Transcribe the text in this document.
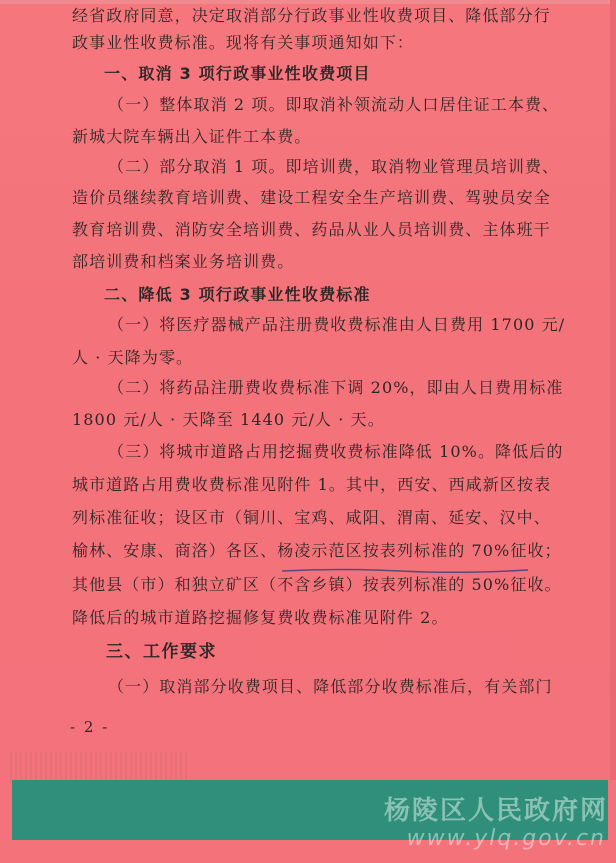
经省政府同意，决定取消部分行政事业性收费项目、降低部分行
政事业性收费标准。现将有关事项通知如下：
一、取消 3 项行政事业性收费项目
（一）整体取消 2 项。即取消补领流动人口居住证工本费、
新城大院车辆出入证件工本费。
（二）部分取消 1 项。即培训费，取消物业管理员培训费、
造价员继续教育培训费、建设工程安全生产培训费、驾驶员安全
教育培训费、消防安全培训费、药品从业人员培训费、主体班干
部培训费和档案业务培训费。
二、降低 3 项行政事业性收费标准
（一）将医疗器械产品注册费收费标准由人日费用 1700 元/
人 · 天降为零。
（二）将药品注册费收费标准下调 20%，即由人日费用标准
1800 元/人 · 天降至 1440 元/人 · 天。
（三）将城市道路占用挖掘费收费标准降低 10%。降低后的
城市道路占用费收费标准见附件 1。其中，西安、西咸新区按表
列标准征收；设区市（铜川、宝鸡、咸阳、渭南、延安、汉中、
榆林、安康、商洛）各区、杨凌示范区按表列标准的 70%征收；
其他县（市）和独立矿区（不含乡镇）按表列标准的 50%征收。
降低后的城市道路挖掘修复费收费标准见附件 2。
三、工作要求
（一）取消部分收费项目、降低部分收费标准后，有关部门
- 2 -
杨陵区人民政府网
www.ylq.gov.cn
